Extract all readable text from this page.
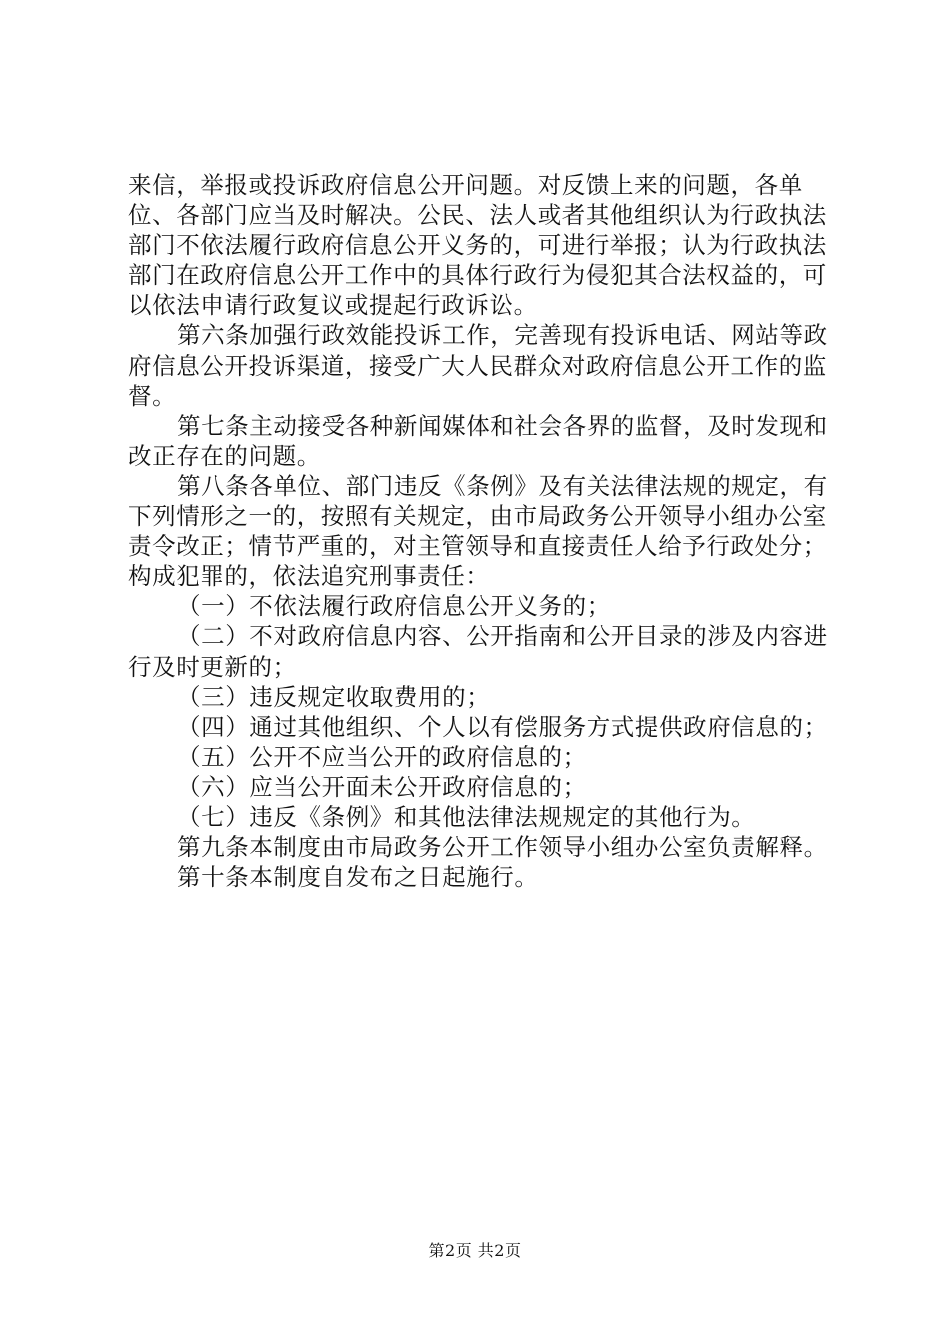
来信，举报或投诉政府信息公开问题。对反馈上来的问题，各单位、各部门应当及时解决。公民、法人或者其他组织认为行政执法部门不依法履行政府信息公开义务的，可进行举报；认为行政执法部门在政府信息公开工作中的具体行政行为侵犯其合法权益的，可以依法申请行政复议或提起行政诉讼。

第六条加强行政效能投诉工作，完善现有投诉电话、网站等政府信息公开投诉渠道，接受广大人民群众对政府信息公开工作的监督。

第七条主动接受各种新闻媒体和社会各界的监督，及时发现和改正存在的问题。

第八条各单位、部门违反《条例》及有关法律法规的规定，有下列情形之一的，按照有关规定，由市局政务公开领导小组办公室责令改正；情节严重的，对主管领导和直接责任人给予行政处分；构成犯罪的，依法追究刑事责任：

（一）不依法履行政府信息公开义务的；

（二）不对政府信息内容、公开指南和公开目录的涉及内容进行及时更新的；

（三）违反规定收取费用的；

（四）通过其他组织、个人以有偿服务方式提供政府信息的；

（五）公开不应当公开的政府信息的；

（六）应当公开面未公开政府信息的；

（七）违反《条例》和其他法律法规规定的其他行为。

第九条本制度由市局政务公开工作领导小组办公室负责解释。

第十条本制度自发布之日起施行。

第2页 共2页
